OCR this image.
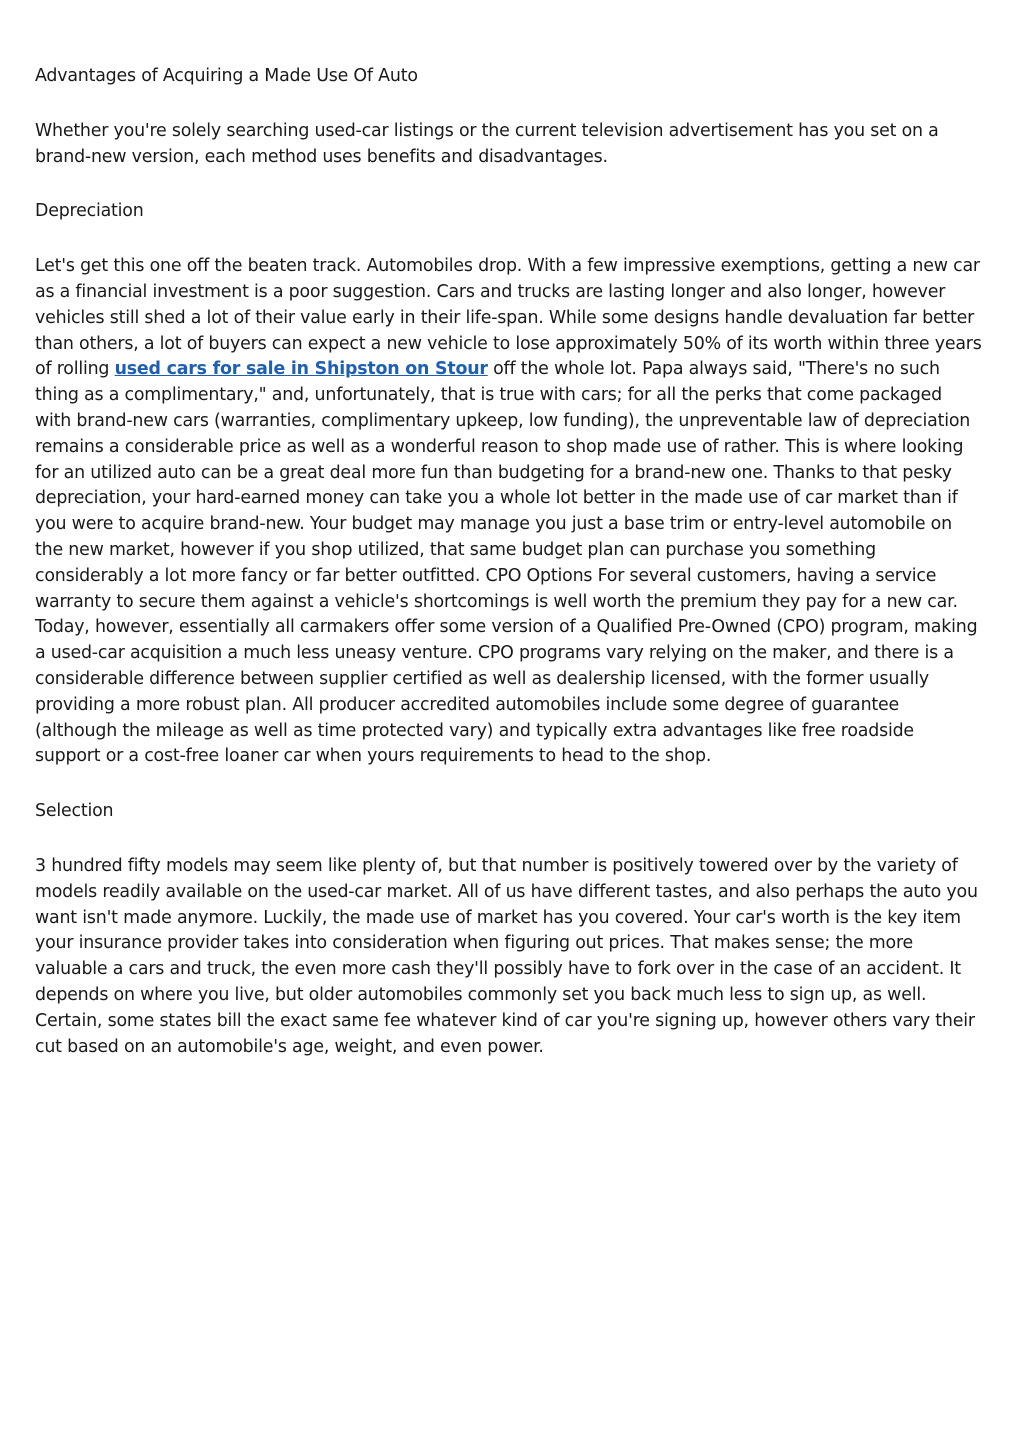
Advantages of Acquiring a Made Use Of Auto

Whether you're solely searching used-car listings or the current television advertisement has you set on a brand-new version, each method uses benefits and disadvantages.

Depreciation

Let's get this one off the beaten track. Automobiles drop. With a few impressive exemptions, getting a new car as a financial investment is a poor suggestion. Cars and trucks are lasting longer and also longer, however vehicles still shed a lot of their value early in their life-span. While some designs handle devaluation far better than others, a lot of buyers can expect a new vehicle to lose approximately 50% of its worth within three years of rolling used cars for sale in Shipston on Stour off the whole lot. Papa always said, "There's no such thing as a complimentary," and, unfortunately, that is true with cars; for all the perks that come packaged with brand-new cars (warranties, complimentary upkeep, low funding), the unpreventable law of depreciation remains a considerable price as well as a wonderful reason to shop made use of rather. This is where looking for an utilized auto can be a great deal more fun than budgeting for a brand-new one. Thanks to that pesky depreciation, your hard-earned money can take you a whole lot better in the made use of car market than if you were to acquire brand-new. Your budget may manage you just a base trim or entry-level automobile on the new market, however if you shop utilized, that same budget plan can purchase you something considerably a lot more fancy or far better outfitted. CPO Options For several customers, having a service warranty to secure them against a vehicle's shortcomings is well worth the premium they pay for a new car. Today, however, essentially all carmakers offer some version of a Qualified Pre-Owned (CPO) program, making a used-car acquisition a much less uneasy venture. CPO programs vary relying on the maker, and there is a considerable difference between supplier certified as well as dealership licensed, with the former usually providing a more robust plan. All producer accredited automobiles include some degree of guarantee (although the mileage as well as time protected vary) and typically extra advantages like free roadside support or a cost-free loaner car when yours requirements to head to the shop.

Selection

3 hundred fifty models may seem like plenty of, but that number is positively towered over by the variety of models readily available on the used-car market. All of us have different tastes, and also perhaps the auto you want isn't made anymore. Luckily, the made use of market has you covered. Your car's worth is the key item your insurance provider takes into consideration when figuring out prices. That makes sense; the more valuable a cars and truck, the even more cash they'll possibly have to fork over in the case of an accident. It depends on where you live, but older automobiles commonly set you back much less to sign up, as well. Certain, some states bill the exact same fee whatever kind of car you're signing up, however others vary their cut based on an automobile's age, weight, and even power.
